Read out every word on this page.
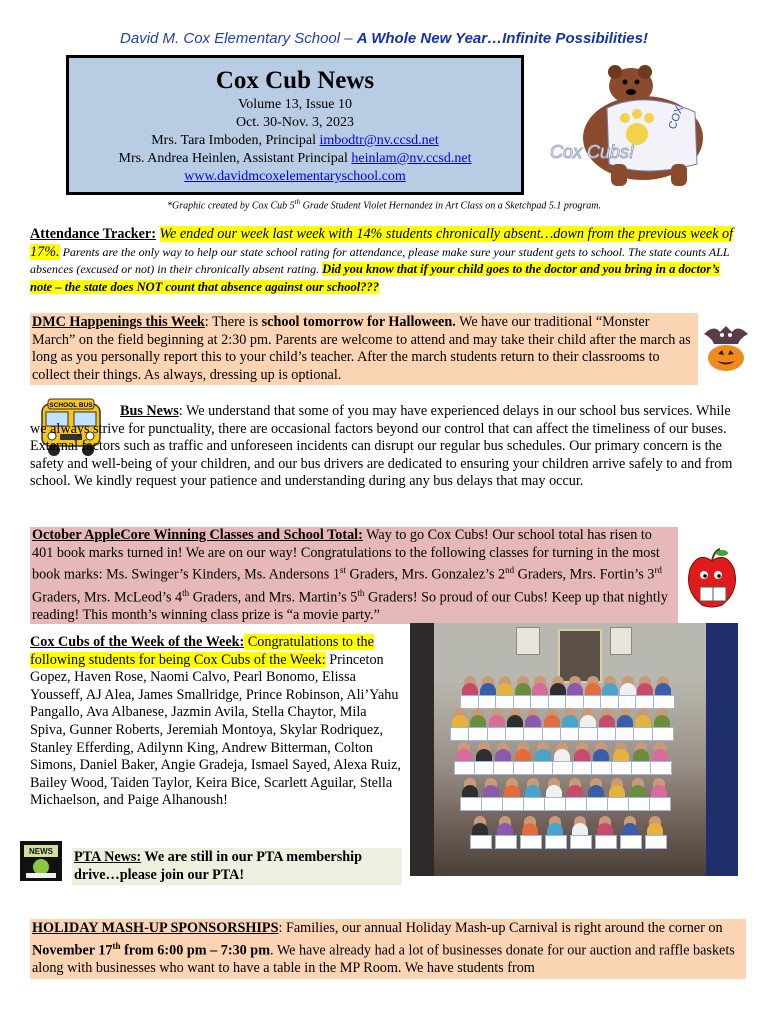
David M. Cox Elementary School – A Whole New Year…Infinite Possibilities!
Cox Cub News
Volume 13, Issue 10
Oct. 30-Nov. 3, 2023
Mrs. Tara Imboden, Principal imbodtr@nv.ccsd.net
Mrs. Andrea Heinlen, Assistant Principal heinlam@nv.ccsd.net
www.davidmcoxelementaryschool.com
COX
Cox Cubs!
*Graphic created by Cox Cub 5th Grade Student Violet Hernandez in Art Class on a Sketchpad 5.1 program.

Attendance Tracker: We ended our week last week with 14% students chronically absent…down from the previous week of 17%. Parents are the only way to help our state school rating for attendance, please make sure your student gets to school. The state counts ALL absences (excused or not) in their chronically absent rating. Did you know that if your child goes to the doctor and you bring in a doctor’s note – the state does NOT count that absence against our school???

DMC Happenings this Week: There is school tomorrow for Halloween. We have our traditional “Monster March” on the field beginning at 2:30 pm. Parents are welcome to attend and may take their child after the march as long as you personally report this to your child’s teacher. After the march students return to their classrooms to collect their things. As always, dressing up is optional.

SCHOOL BUS	Bus News: We understand that some of you may have experienced delays in our school bus services. While we always strive for punctuality, there are occasional factors beyond our control that can affect the timeliness of our buses. External factors such as traffic and unforeseen incidents can disrupt our regular bus schedules. Our primary concern is the safety and well-being of your children, and our bus drivers are dedicated to ensuring your children arrive safely to and from school. We kindly request your patience and understanding during any bus delays that may occur.

October AppleCore Winning Classes and School Total: Way to go Cox Cubs! Our school total has risen to 401 book marks turned in! We are on our way! Congratulations to the following classes for turning in the most book marks: Ms. Swinger’s Kinders, Ms. Andersons 1st Graders, Mrs. Gonzalez’s 2nd Graders, Mrs. Fortin’s 3rd Graders, Mrs. McLeod’s 4th Graders, and Mrs. Martin’s 5th Graders! So proud of our Cubs! Keep up that nightly reading! This month’s winning class prize is “a movie party.”

Cox Cubs of the Week of the Week: Congratulations to the following students for being Cox Cubs of the Week: Princeton Gopez, Haven Rose, Naomi Calvo, Pearl Bonomo, Elissa Yousseff, AJ Alea, James Smallridge, Prince Robinson, Ali’Yahu Pangallo, Ava Albanese, Jazmin Avila, Stella Chaytor, Mila Spiva, Gunner Roberts, Jeremiah Montoya, Skylar Rodriquez, Stanley Efferding, Adilynn King, Andrew Bitterman, Colton Simons, Daniel Baker, Angie Gradeja, Ismael Sayed, Alexa Ruiz, Bailey Wood, Taiden Taylor, Keira Bice, Scarlett Aguilar, Stella Michaelson, and Paige Alhanoush!

NEWS PTA News: We are still in our PTA membership drive…please join our PTA!

HOLIDAY MASH-UP SPONSORSHIPS: Families, our annual Holiday Mash-up Carnival is right around the corner on November 17th from 6:00 pm – 7:30 pm. We have already had a lot of businesses donate for our auction and raffle baskets along with businesses who want to have a table in the MP Room. We have students from
